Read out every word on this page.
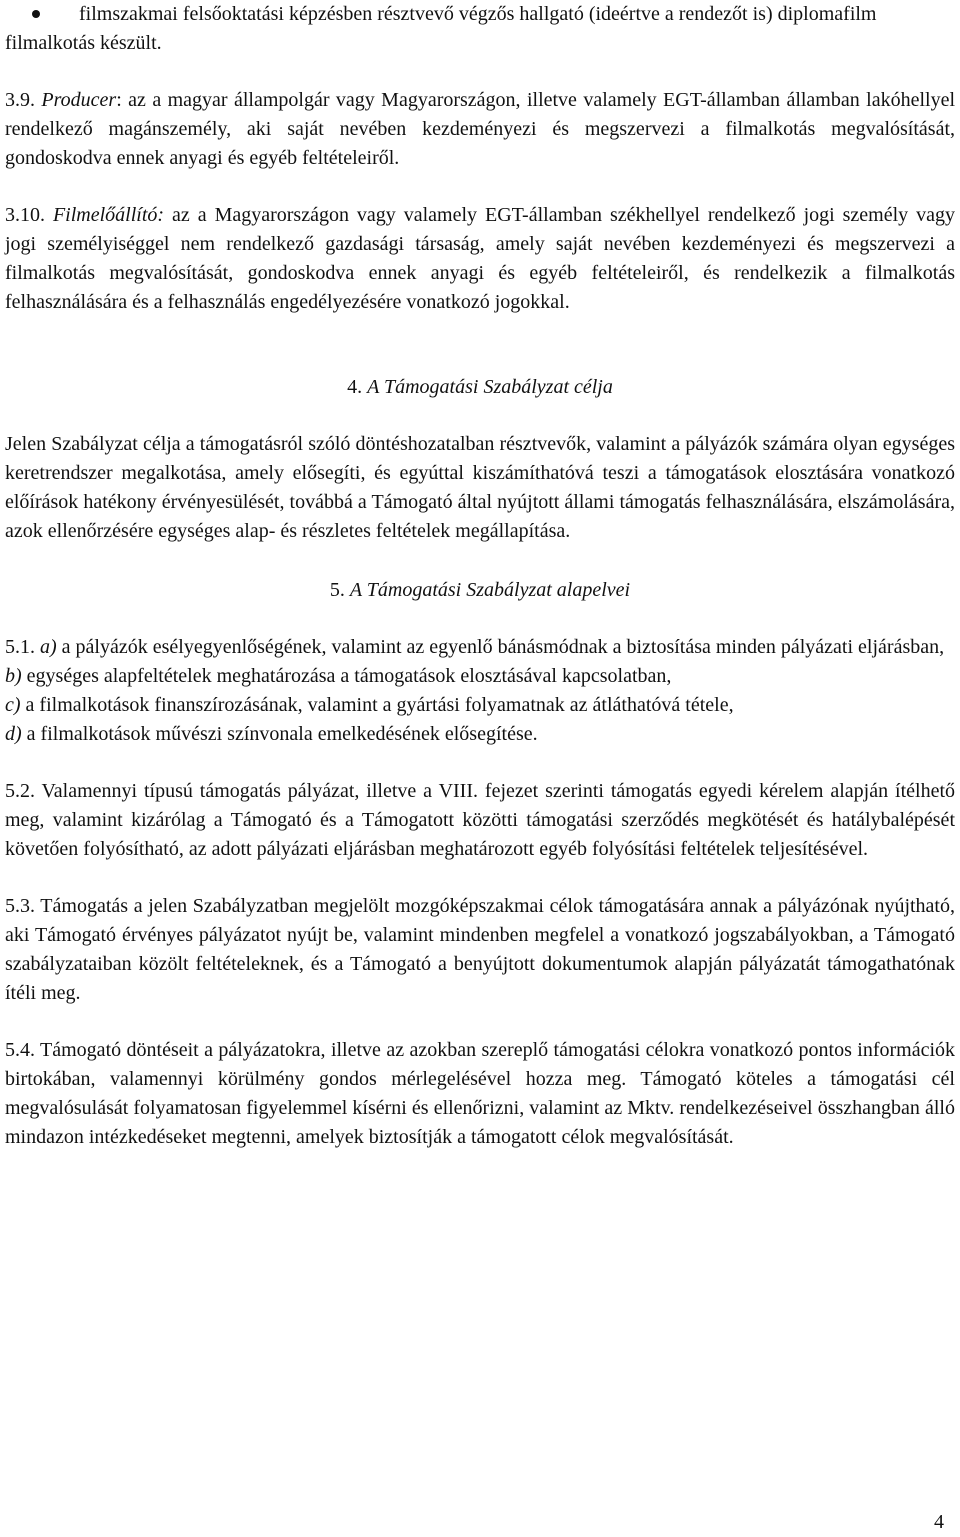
filmszakmai felsőoktatási képzésben résztvevő végzős hallgató (ideértve a rendezőt is) diplomafilm
filmalkotás készült.

3.9. Producer: az a magyar állampolgár vagy Magyarországon, illetve valamely EGT-államban államban lakóhellyel rendelkező magánszemély, aki saját nevében kezdeményezi és megszervezi a filmalkotás megvalósítását, gondoskodva ennek anyagi és egyéb feltételeiről.

3.10. Filmelőállító: az a Magyarországon vagy valamely EGT-államban székhellyel rendelkező jogi személy vagy jogi személyiséggel nem rendelkező gazdasági társaság, amely saját nevében kezdeményezi és megszervezi a filmalkotás megvalósítását, gondoskodva ennek anyagi és egyéb feltételeiről, és rendelkezik a filmalkotás felhasználására és a felhasználás engedélyezésére vonatkozó jogokkal.

4. A Támogatási Szabályzat célja

Jelen Szabályzat célja a támogatásról szóló döntéshozatalban résztvevők, valamint a pályázók számára olyan egységes keretrendszer megalkotása, amely elősegíti, és egyúttal kiszámíthatóvá teszi a támogatások elosztására vonatkozó előírások hatékony érvényesülését, továbbá a Támogató által nyújtott állami támogatás felhasználására, elszámolására, azok ellenőrzésére egységes alap- és részletes feltételek megállapítása.

5. A Támogatási Szabályzat alapelvei

5.1. a) a pályázók esélyegyenlőségének, valamint az egyenlő bánásmódnak a biztosítása minden pályázati eljárásban,

b) egységes alapfeltételek meghatározása a támogatások elosztásával kapcsolatban,

c) a filmalkotások finanszírozásának, valamint a gyártási folyamatnak az átláthatóvá tétele,

d) a filmalkotások művészi színvonala emelkedésének elősegítése.

5.2. Valamennyi típusú támogatás pályázat, illetve a VIII. fejezet szerinti támogatás egyedi kérelem alapján ítélhető meg, valamint kizárólag a Támogató és a Támogatott közötti támogatási szerződés megkötését és hatálybalépését követően folyósítható, az adott pályázati eljárásban meghatározott egyéb folyósítási feltételek teljesítésével.

5.3. Támogatás a jelen Szabályzatban megjelölt mozgóképszakmai célok támogatására annak a pályázónak nyújtható, aki Támogató érvényes pályázatot nyújt be, valamint mindenben megfelel a vonatkozó jogszabályokban, a Támogató szabályzataiban közölt feltételeknek, és a Támogató a benyújtott dokumentumok alapján pályázatát támogathatónak ítéli meg.

5.4. Támogató döntéseit a pályázatokra, illetve az azokban szereplő támogatási célokra vonatkozó pontos információk birtokában, valamennyi körülmény gondos mérlegelésével hozza meg. Támogató köteles a támogatási cél megvalósulását folyamatosan figyelemmel kísérni és ellenőrizni, valamint az Mktv. rendelkezéseivel összhangban álló mindazon intézkedéseket megtenni, amelyek biztosítják a támogatott célok megvalósítását.

4
